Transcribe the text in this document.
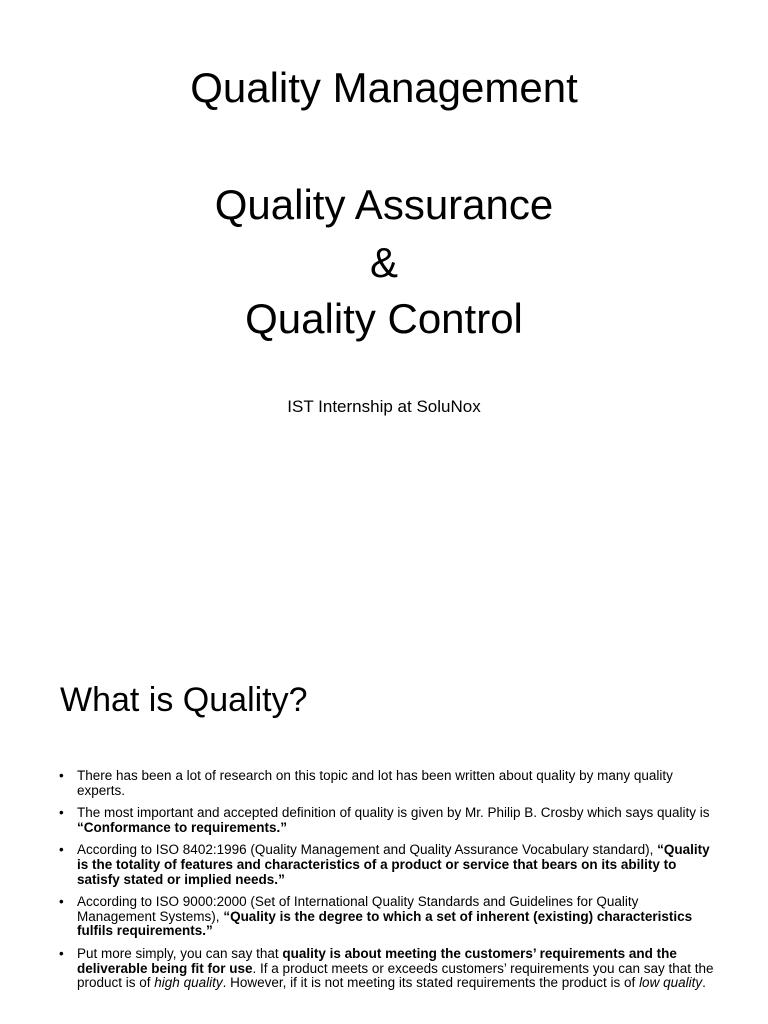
Quality Management
Quality Assurance
&
Quality Control
IST Internship at SoluNox
What is Quality?
• There has been a lot of research on this topic and lot has been written about quality by many quality experts.
• The most important and accepted definition of quality is given by Mr. Philip B. Crosby which says quality is “Conformance to requirements.”
• According to ISO 8402:1996 (Quality Management and Quality Assurance Vocabulary standard), “Quality is the totality of features and characteristics of a product or service that bears on its ability to satisfy stated or implied needs.”
• According to ISO 9000:2000 (Set of International Quality Standards and Guidelines for Quality Management Systems), “Quality is the degree to which a set of inherent (existing) characteristics fulfils requirements.”
• Put more simply, you can say that quality is about meeting the customers’ requirements and the deliverable being fit for use. If a product meets or exceeds customers’ requirements you can say that the product is of high quality. However, if it is not meeting its stated requirements the product is of low quality.
